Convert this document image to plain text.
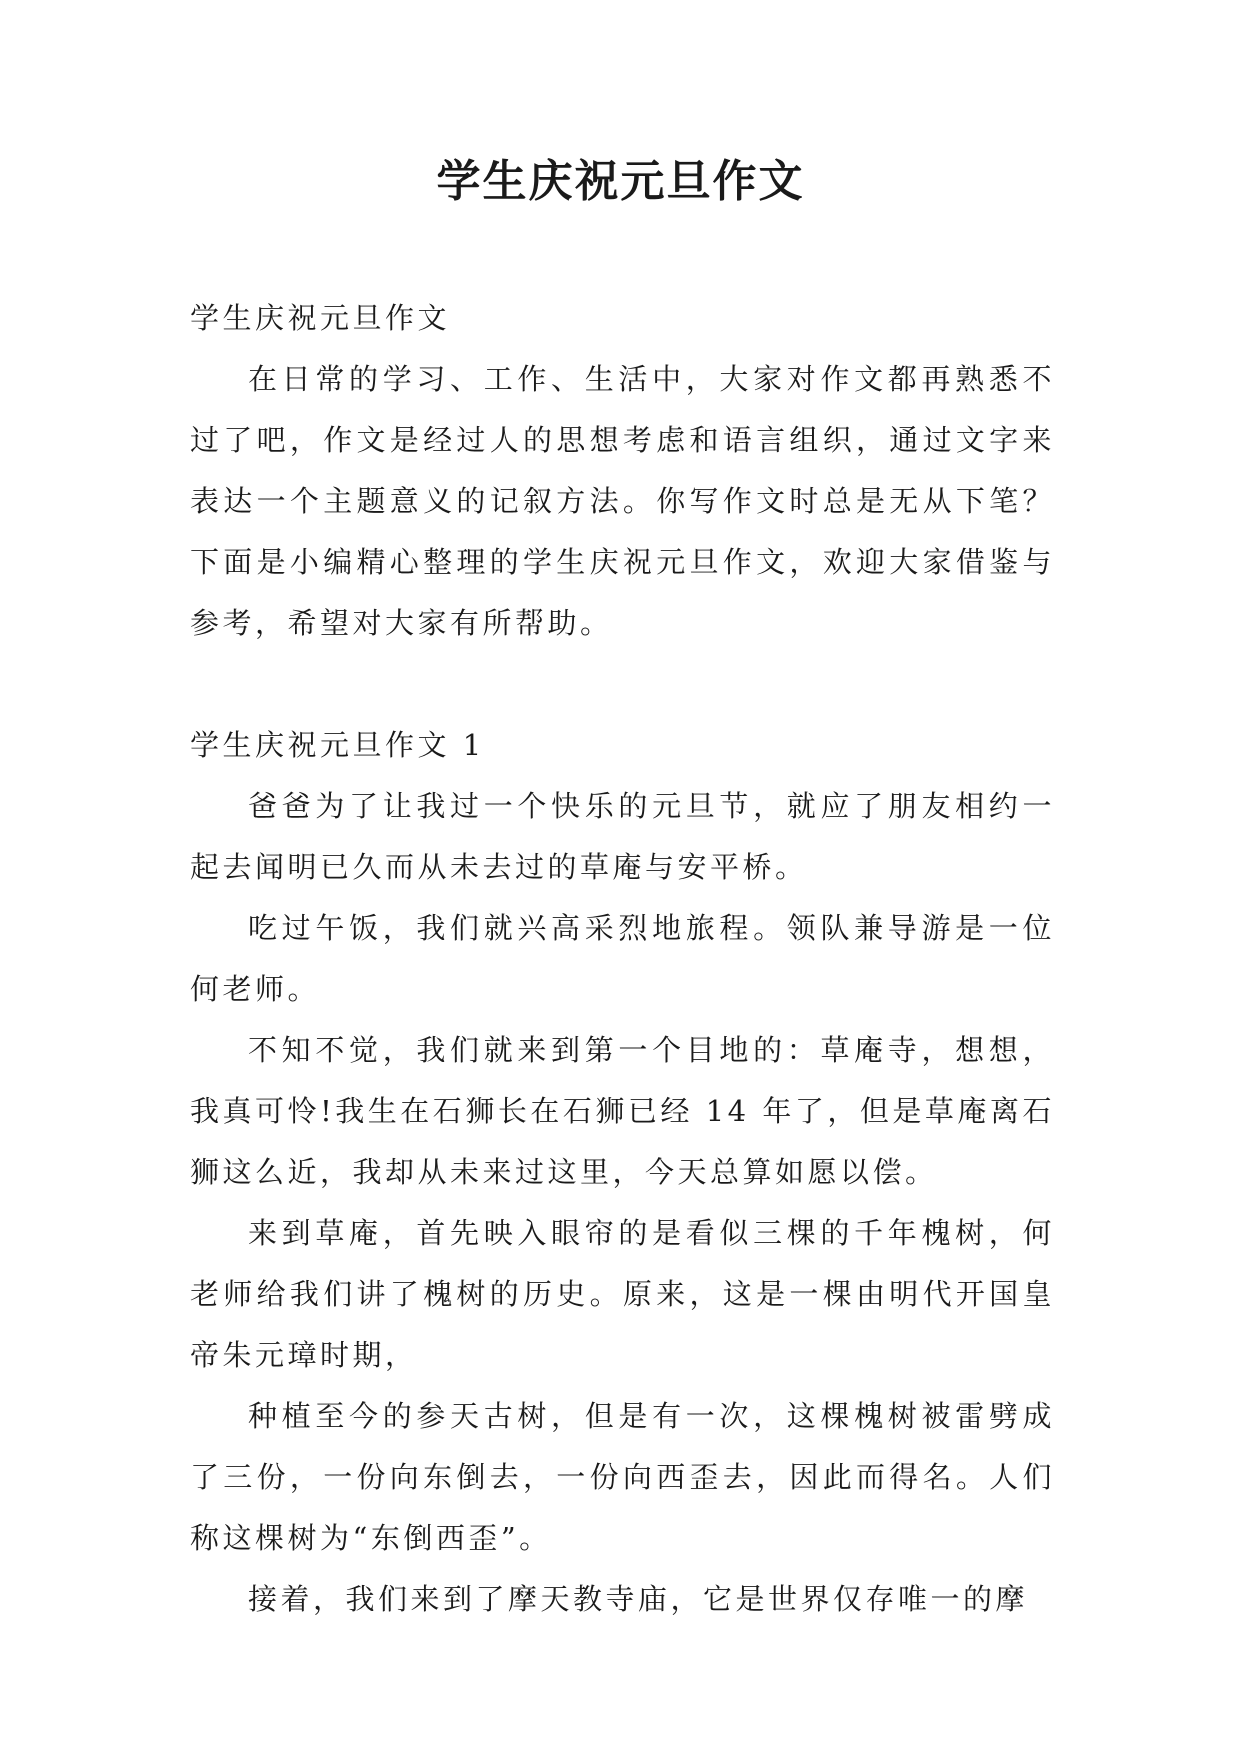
学生庆祝元旦作文

学生庆祝元旦作文

在日常的学习、工作、生活中，大家对作文都再熟悉不过了吧，作文是经过人的思想考虑和语言组织，通过文字来表达一个主题意义的记叙方法。你写作文时总是无从下笔？下面是小编精心整理的学生庆祝元旦作文，欢迎大家借鉴与参考，希望对大家有所帮助。

学生庆祝元旦作文 1

爸爸为了让我过一个快乐的元旦节，就应了朋友相约一起去闻明已久而从未去过的草庵与安平桥。

吃过午饭，我们就兴高采烈地旅程。领队兼导游是一位何老师。

不知不觉，我们就来到第一个目地的：草庵寺，想想，我真可怜!我生在石狮长在石狮已经 14 年了，但是草庵离石狮这么近，我却从未来过这里，今天总算如愿以偿。

来到草庵，首先映入眼帘的是看似三棵的千年槐树，何老师给我们讲了槐树的历史。原来，这是一棵由明代开国皇帝朱元璋时期，

种植至今的参天古树，但是有一次，这棵槐树被雷劈成了三份，一份向东倒去，一份向西歪去，因此而得名。人们称这棵树为“东倒西歪”。

接着，我们来到了摩天教寺庙，它是世界仅存唯一的摩
